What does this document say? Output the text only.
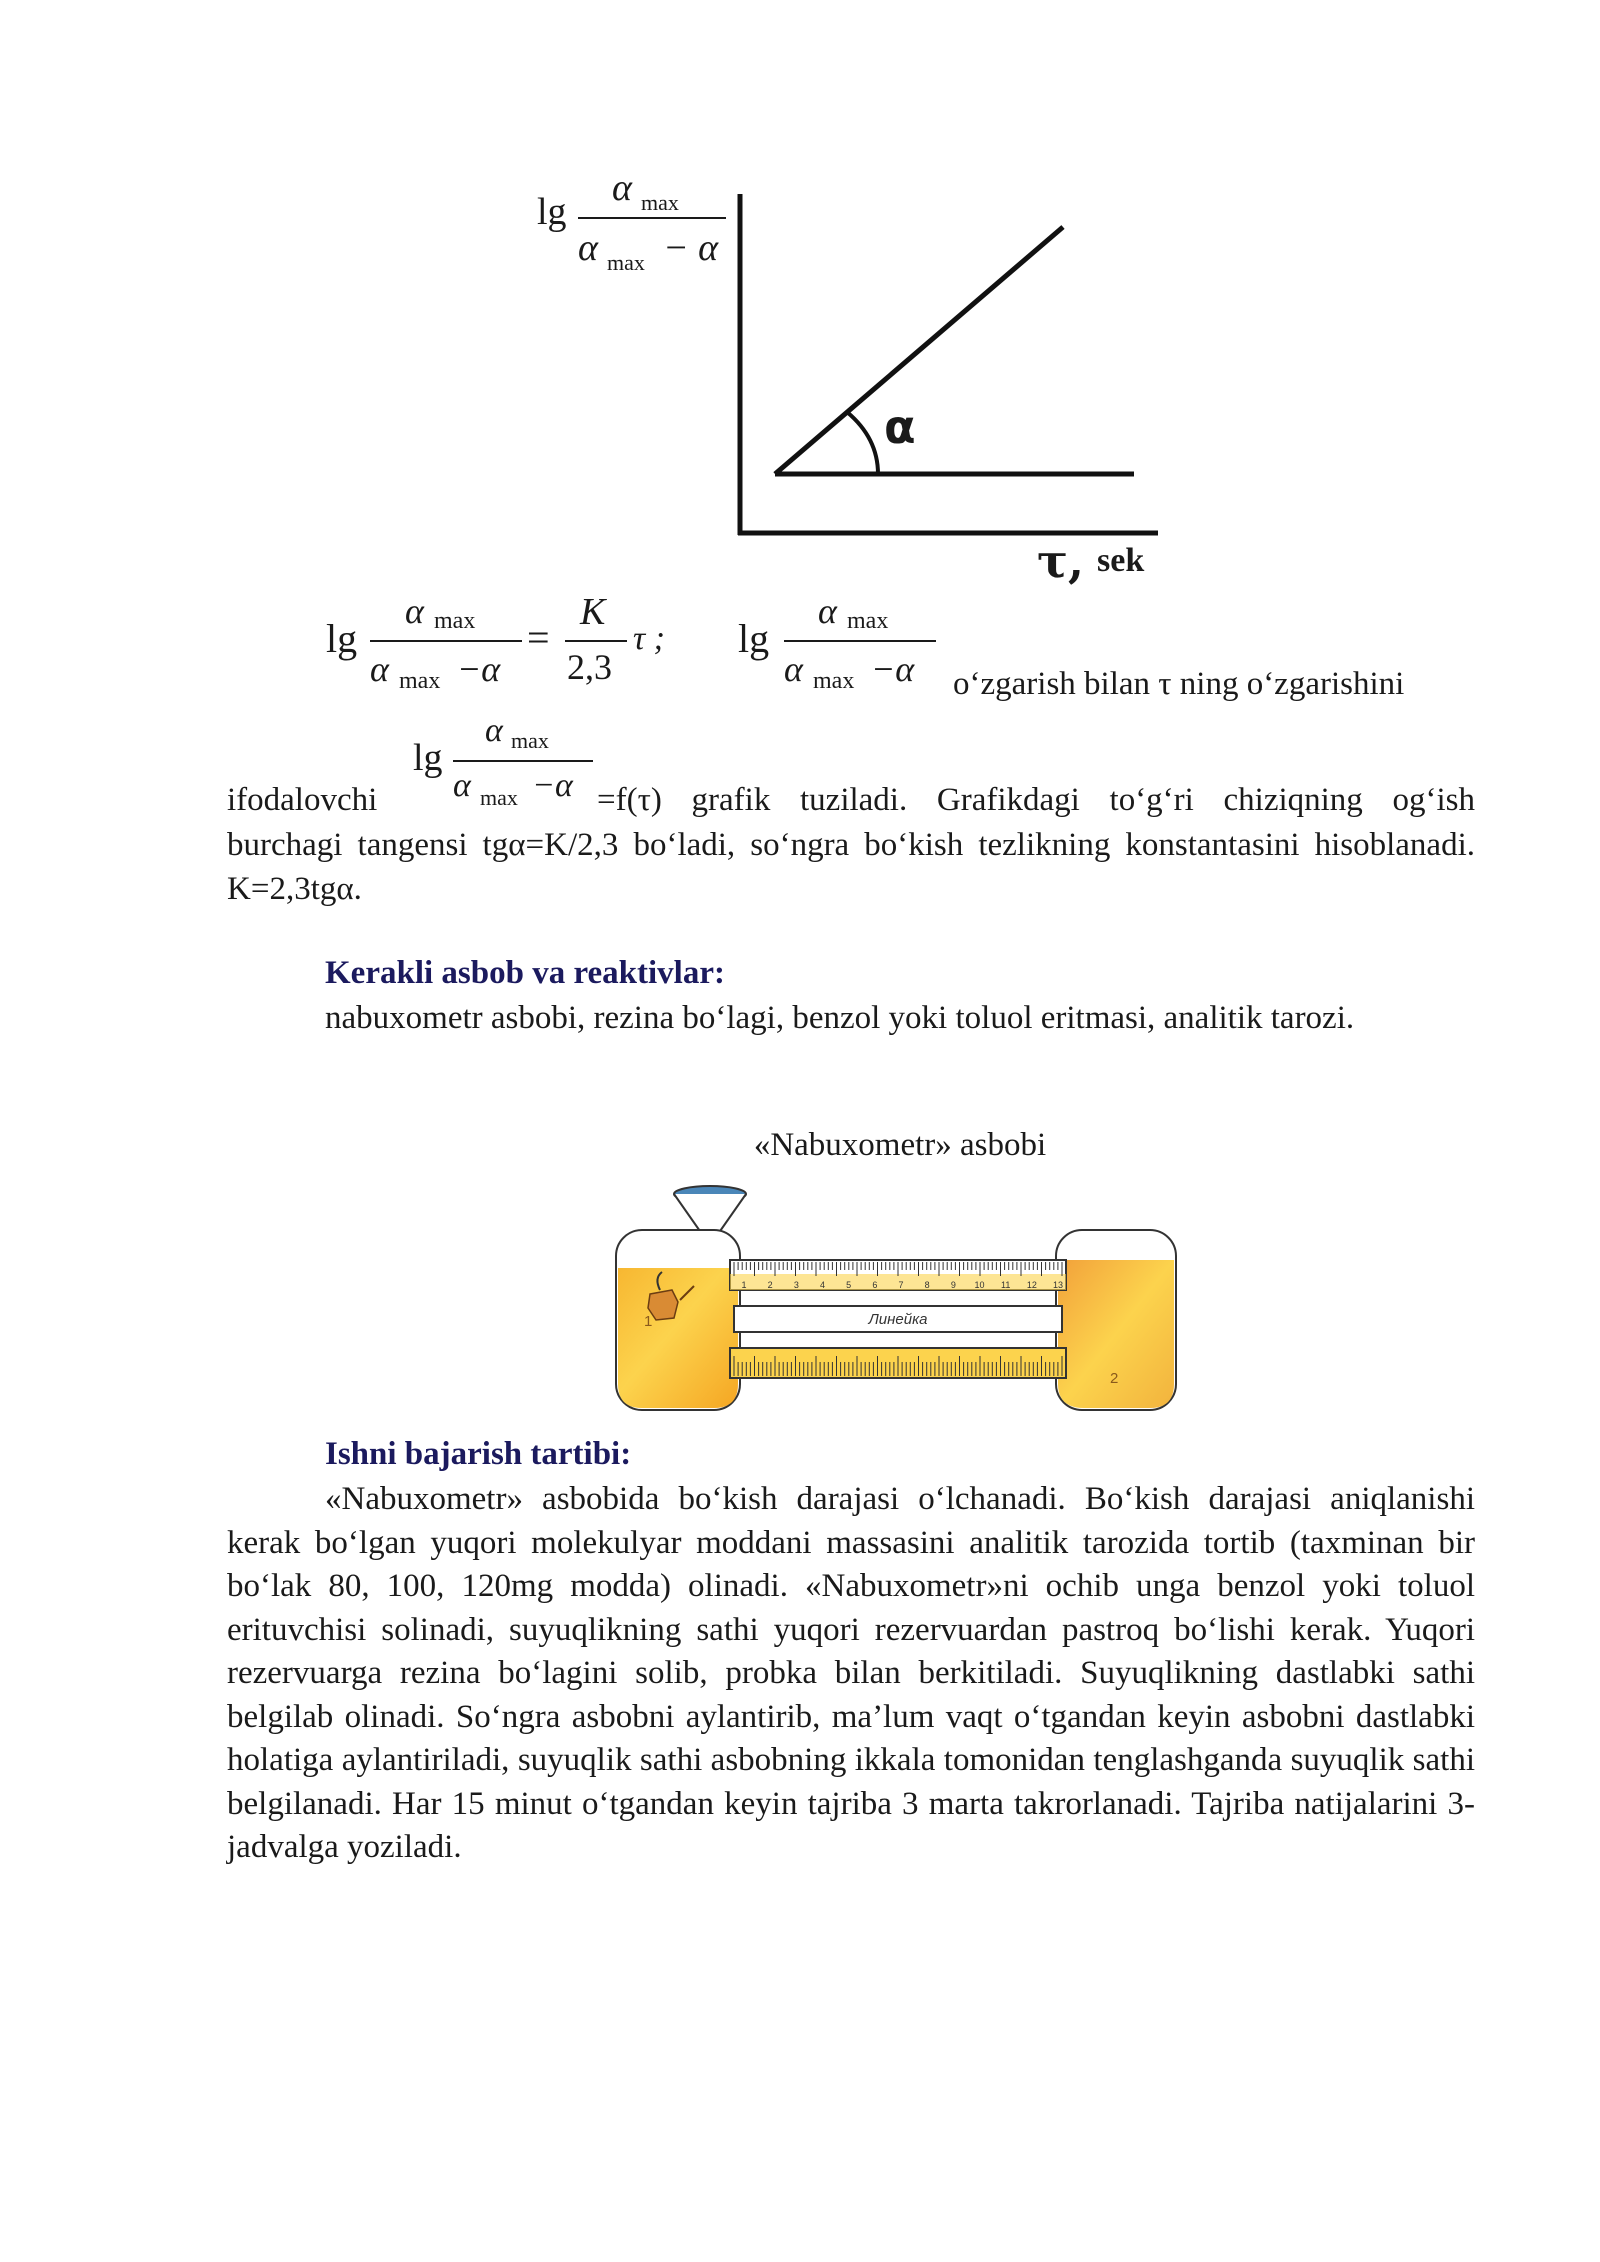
lg
α max
α max − α
α
τ, sek
lg
α max
α max −α
=
K
2,3
τ ; lg
α max
α max −α o‘zgarish bilan τ ning o‘zgarishini
lg
α max
α max −α
ifodalovchi	=f(τ) grafik tuziladi. Grafikdagi to‘g‘ri chiziqning og‘ish

burchagi tangensi tgα=K/2,3 bo‘ladi, so‘ngra bo‘kish tezlikning konstantasini hisoblanadi. K=2,3tgα.

Kerakli asbob va reaktivlar:

nabuxometr asbobi, rezina bo‘lagi, benzol yoki toluol eritmasi, analitik tarozi.

«Nabuxometr» asbobi
1
2
Линейка
1 2 3 4 5 6 7 8 9 10 11 12 13
Ishni bajarish tartibi:

«Nabuxometr» asbobida bo‘kish darajasi o‘lchanadi. Bo‘kish darajasi aniqlanishi kerak bo‘lgan yuqori molekulyar moddani massasini analitik tarozida tortib (taxminan bir bo‘lak 80, 100, 120mg modda) olinadi. «Nabuxometr»ni ochib unga benzol yoki toluol erituvchisi solinadi, suyuqlikning sathi yuqori rezervuardan pastroq bo‘lishi kerak. Yuqori rezervuarga rezina bo‘lagini solib, probka bilan berkitiladi. Suyuqlikning dastlabki sathi belgilab olinadi. So‘ngra asbobni aylantirib, ma’lum vaqt o‘tgandan keyin asbobni dastlabki holatiga aylantiriladi, suyuqlik sathi asbobning ikkala tomonidan tenglashganda suyuqlik sathi belgilanadi. Har 15 minut o‘tgandan keyin tajriba 3 marta takrorlanadi. Tajriba natijalarini 3-jadvalga yoziladi.
